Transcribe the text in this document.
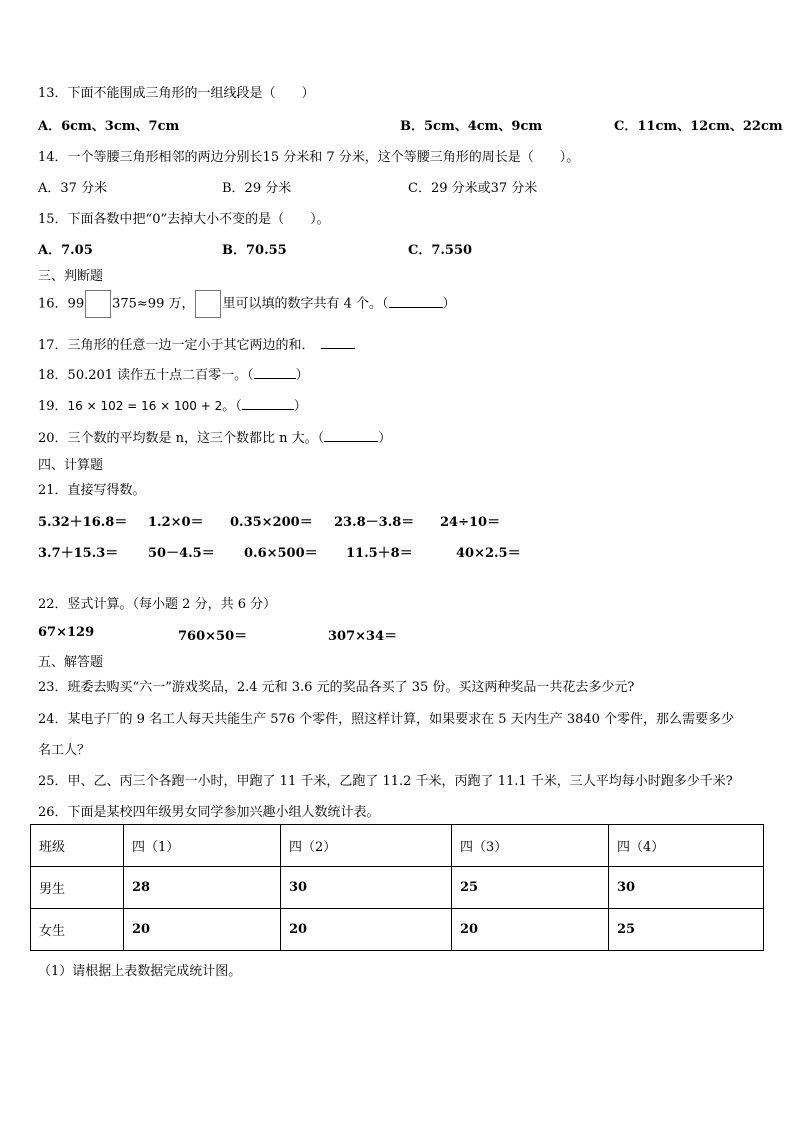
13．下面不能围成三角形的一组线段是（　　）
A．6cm、3cm、7cm	B．5cm、4cm、9cm	C．11cm、12cm、22cm
14．一个等腰三角形相邻的两边分别长15 分米和 7 分米，这个等腰三角形的周长是（　　）。
A．37 分米	B．29 分米	C．29 分米或37 分米
15．下面各数中把“0”去掉大小不变的是（　　）。
A．7.05	B．70.55	C．7.550
三、判断题
16．99 375≈99 万， 里可以填的数字共有 4 个。（	）
17．三角形的任意一边一定小于其它两边的和．
18．50.201 读作五十点二百零一。（	）
19．16 × 102 = 16 × 100 + 2。（	）
20．三个数的平均数是 n，这三个数都比 n 大。（	）
四、计算题
21．直接写得数。
5.32＋16.8＝ 1.2×0＝ 0.35×200＝ 23.8－3.8＝ 24÷10＝
3.7＋15.3＝ 50－4.5＝ 0.6×500＝ 11.5＋8＝	40×2.5＝
22．竖式计算。（每小题 2 分，共 6 分）
67×129	760×50＝	307×34＝
五、解答题
23．班委去购买“六一”游戏奖品，2.4 元和 3.6 元的奖品各买了 35 份。买这两种奖品一共花去多少元?
24．某电子厂的 9 名工人每天共能生产 576 个零件，照这样计算，如果要求在 5 天内生产 3840 个零件，那么需要多少
名工人？
25．甲、乙、丙三个各跑一小时，甲跑了 11 千米，乙跑了 11.2 千米，丙跑了 11.1 千米，三人平均每小时跑多少千米?
26．下面是某校四年级男女同学参加兴趣小组人数统计表。
班级	四（1）	四（2）	四（3）	四（4）
男生	28	30	25	30
女生	20	20	20	25
（1）请根据上表数据完成统计图。
